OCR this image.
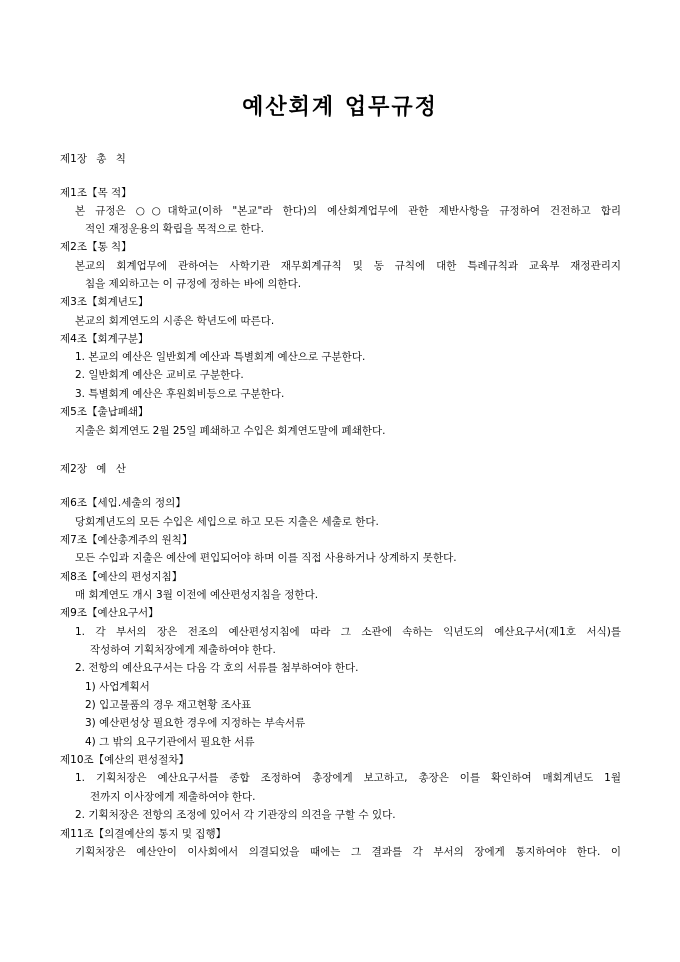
예산회계 업무규정
제1장 총 칙
제1조【목 적】
본 규정은 ○○대학교(이하 "본교"라 한다)의 예산회계업무에 관한 제반사항을 규정하여 건전하고 합리
적인 재정운용의 확립을 목적으로 한다.
제2조【통 칙】
본교의 회계업무에 관하여는 사학기관 재무회계규칙 및 동 규칙에 대한 특례규칙과 교육부 재정관리지
침을 제외하고는 이 규정에 정하는 바에 의한다.
제3조【회계년도】
본교의 회계연도의 시종은 학년도에 따른다.
제4조【회계구분】
1. 본교의 예산은 일반회계 예산과 특별회계 예산으로 구분한다.
2. 일반회계 예산은 교비로 구분한다.
3. 특별회계 예산은 후원회비등으로 구분한다.
제5조【출납폐쇄】
지출은 회계연도 2월 25일 폐쇄하고 수입은 회계연도말에 폐쇄한다.
제2장 예 산
제6조【세입․세출의 정의】
당회계년도의 모든 수입은 세입으로 하고 모든 지출은 세출로 한다.
제7조【예산총계주의 원칙】
모든 수입과 지출은 예산에 편입되어야 하며 이를 직접 사용하거나 상계하지 못한다.
제8조【예산의 편성지침】
매 회계연도 개시 3월 이전에 예산편성지침을 정한다.
제9조【예산요구서】
1. 각 부서의 장은 전조의 예산편성지침에 따라 그 소관에 속하는 익년도의 예산요구서(제1호 서식)를
작성하여 기획처장에게 제출하여야 한다.
2. 전항의 예산요구서는 다음 각 호의 서류를 첨부하여야 한다.
1) 사업계획서
2) 입고물품의 경우 재고현황 조사표
3) 예산편성상 필요한 경우에 지정하는 부속서류
4) 그 밖의 요구기관에서 필요한 서류
제10조【예산의 편성절차】
1. 기획처장은 예산요구서를 종합 조정하여 총장에게 보고하고, 총장은 이를 확인하여 매회계년도 1월
전까지 이사장에게 제출하여야 한다.
2. 기획처장은 전항의 조정에 있어서 각 기관장의 의견을 구할 수 있다.
제11조【의결예산의 통지 및 집행】
기획처장은 예산안이 이사회에서 의결되었을 때에는 그 결과를 각 부서의 장에게 통지하여야 한다. 이
